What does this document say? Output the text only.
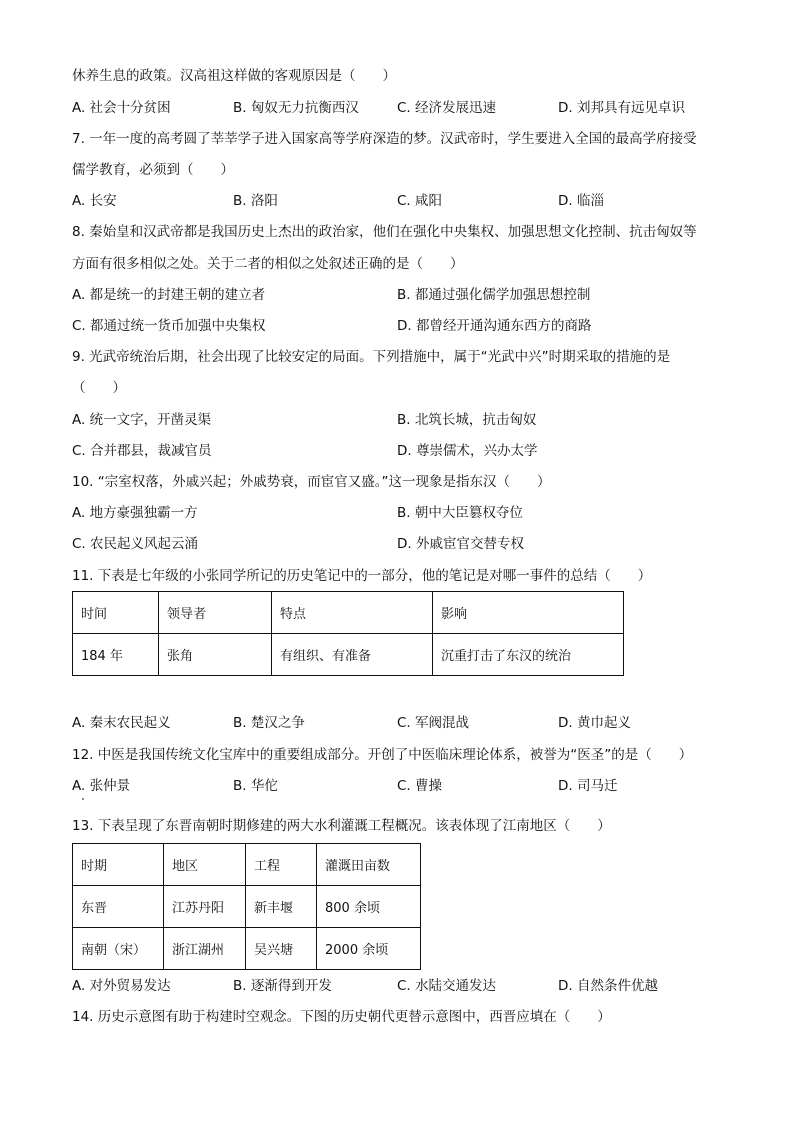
休养生息的政策。汉高祖这样做的客观原因是（　　）
A. 社会十分贫困	B. 匈奴无力抗衡西汉	C. 经济发展迅速	D. 刘邦具有远见卓识
7. 一年一度的高考圆了莘莘学子进入国家高等学府深造的梦。汉武帝时，学生要进入全国的最高学府接受
儒学教育，必须到（　　）
A. 长安	B. 洛阳	C. 咸阳	D. 临淄
8. 秦始皇和汉武帝都是我国历史上杰出的政治家，他们在强化中央集权、加强思想文化控制、抗击匈奴等
方面有很多相似之处。关于二者的相似之处叙述正确的是（　　）
A. 都是统一的封建王朝的建立者	B. 都通过强化儒学加强思想控制
C. 都通过统一货币加强中央集权	D. 都曾经开通沟通东西方的商路
9. 光武帝统治后期，社会出现了比较安定的局面。下列措施中，属于“光武中兴”时期采取的措施的是
（　　）
A. 统一文字，开凿灵渠	B. 北筑长城，抗击匈奴
C. 合并郡县，裁减官员	D. 尊崇儒术，兴办太学
10. “宗室权落，外戚兴起；外戚势衰，而宦官又盛。”这一现象是指东汉（　　）
A. 地方豪强独霸一方	B. 朝中大臣篡权夺位
C. 农民起义风起云涌	D. 外戚宦官交替专权
11. 下表是七年级的小张同学所记的历史笔记中的一部分，他的笔记是对哪一事件的总结（　　）
时间	领导者	特点	影响
184 年	张角	有组织、有准备	沉重打击了东汉的统治
A. 秦末农民起义	B. 楚汉之争	C. 军阀混战	D. 黄巾起义
12. 中医是我国传统文化宝库中的重要组成部分。开创了中医临床理论体系，被誉为“医圣”的是（　　）
A. 张仲景	B. 华佗	C. 曹操	D. 司马迁
13. 下表呈现了东晋南朝时期修建的两大水利灌溉工程概况。该表体现了江南地区（　　）
时期	地区	工程	灌溉田亩数
东晋	江苏丹阳	新丰堰	800 余顷
南朝（宋）	浙江湖州	吴兴塘	2000 余顷
A. 对外贸易发达	B. 逐渐得到开发	C. 水陆交通发达	D. 自然条件优越
14. 历史示意图有助于构建时空观念。下图的历史朝代更替示意图中，西晋应填在（　　）
